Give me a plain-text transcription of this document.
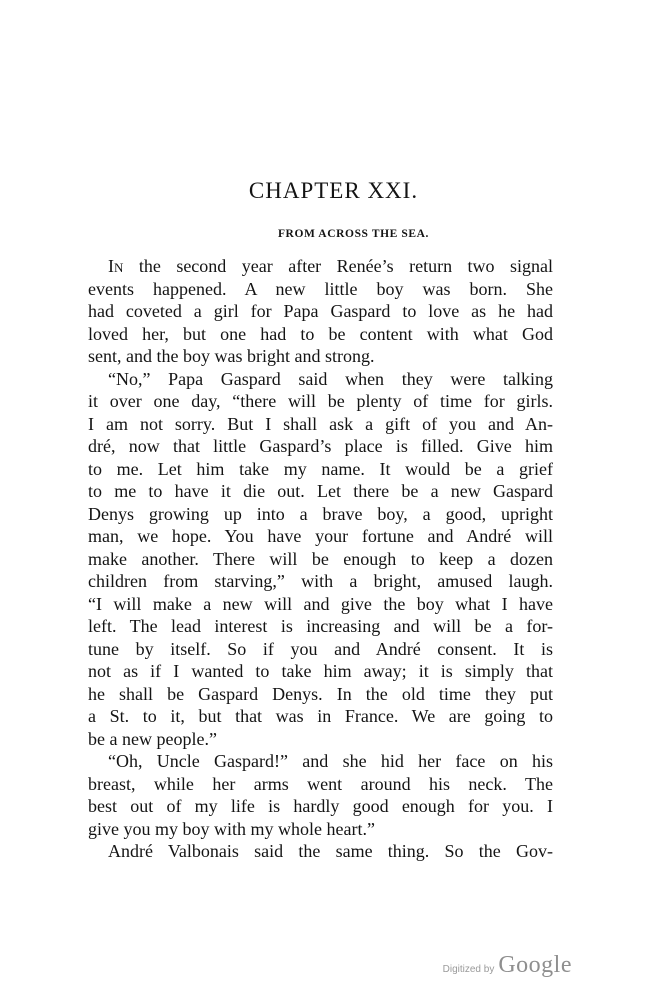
CHAPTER XXI.
FROM ACROSS THE SEA.

In the second year after Renée’s return two signal
events happened. A new little boy was born. She
had coveted a girl for Papa Gaspard to love as he had
loved her, but one had to be content with what God
sent, and the boy was bright and strong.

“No,” Papa Gaspard said when they were talking
it over one day, “there will be plenty of time for girls.
I am not sorry. But I shall ask a gift of you and An-
dré, now that little Gaspard’s place is filled. Give him
to me. Let him take my name. It would be a grief
to me to have it die out. Let there be a new Gaspard
Denys growing up into a brave boy, a good, upright
man, we hope. You have your fortune and André will
make another. There will be enough to keep a dozen
children from starving,” with a bright, amused laugh.
“I will make a new will and give the boy what I have
left. The lead interest is increasing and will be a for-
tune by itself. So if you and André consent. It is
not as if I wanted to take him away; it is simply that
he shall be Gaspard Denys. In the old time they put
a St. to it, but that was in France. We are going to
be a new people.”

“Oh, Uncle Gaspard!” and she hid her face on his
breast, while her arms went around his neck. The
best out of my life is hardly good enough for you. I
give you my boy with my whole heart.”

André Valbonais said the same thing. So the Gov-

Digitized by Google
